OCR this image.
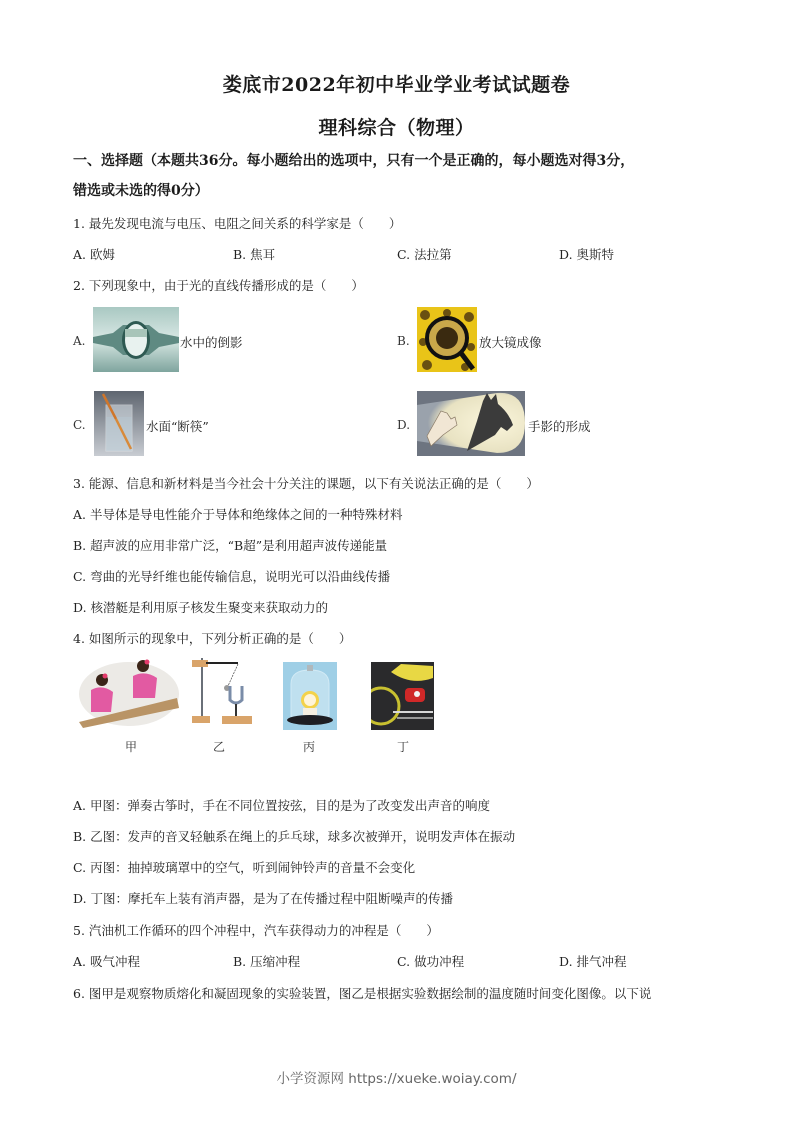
娄底市2022年初中毕业学业考试试题卷
理科综合（物理）
一、选择题（本题共36分。每小题给出的选项中，只有一个是正确的，每小题选对得3分，
错选或未选的得0分）
1. 最先发现电流与电压、电阻之间关系的科学家是（　　）
A. 欧姆	B. 焦耳	C. 法拉第	D. 奥斯特
2. 下列现象中，由于光的直线传播形成的是（　　）
A.	水中的倒影	B.	放大镜成像
C.	水面“断筷”	D.	手影的形成
3. 能源、信息和新材料是当今社会十分关注的课题，以下有关说法正确的是（　　）
A. 半导体是导电性能介于导体和绝缘体之间的一种特殊材料
B. 超声波的应用非常广泛，“B超”是利用超声波传递能量
C. 弯曲的光导纤维也能传输信息，说明光可以沿曲线传播
D. 核潜艇是利用原子核发生聚变来获取动力的
4. 如图所示的现象中，下列分析正确的是（　　）
甲	乙	丙	丁
A. 甲图：弹奏古筝时，手在不同位置按弦，目的是为了改变发出声音的响度
B. 乙图：发声的音叉轻触系在绳上的乒乓球，球多次被弹开，说明发声体在振动
C. 丙图：抽掉玻璃罩中的空气，听到闹钟铃声的音量不会变化
D. 丁图：摩托车上装有消声器，是为了在传播过程中阻断噪声的传播
5. 汽油机工作循环的四个冲程中，汽车获得动力的冲程是（　　）
A. 吸气冲程	B. 压缩冲程	C. 做功冲程	D. 排气冲程
6. 图甲是观察物质熔化和凝固现象的实验装置，图乙是根据实验数据绘制的温度随时间变化图像。以下说
小学资源网 https://xueke.woiay.com/
